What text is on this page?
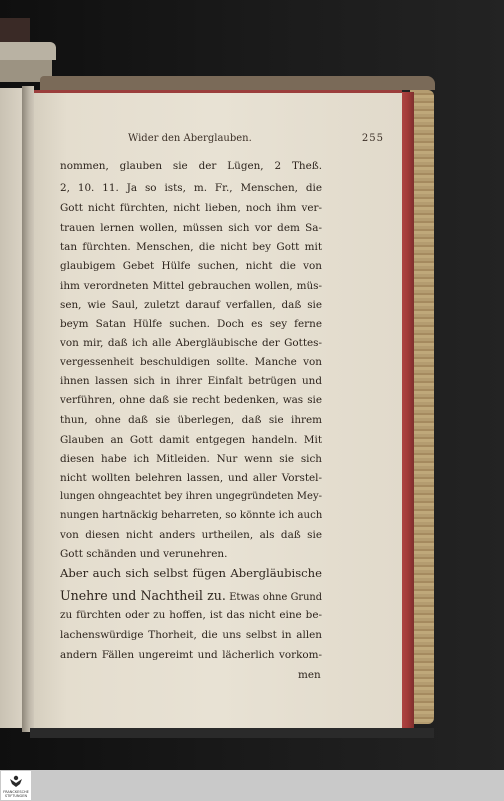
Wider den Aberglauben.	255
nommen, glauben sie der Lügen, 2 Theß.
2, 10. 11. Ja so ists, m. Fr., Menschen, die
Gott nicht fürchten, nicht lieben, noch ihm ver-
trauen lernen wollen, müssen sich vor dem Sa-
tan fürchten. Menschen, die nicht bey Gott mit
glaubigem Gebet Hülfe suchen, nicht die von
ihm verordneten Mittel gebrauchen wollen, müs-
sen, wie Saul, zuletzt darauf verfallen, daß sie
beym Satan Hülfe suchen. Doch es sey ferne
von mir, daß ich alle Abergläubische der Gottes-
vergessenheit beschuldigen sollte. Manche von
ihnen lassen sich in ihrer Einfalt betrügen und
verführen, ohne daß sie recht bedenken, was sie
thun, ohne daß sie überlegen, daß sie ihrem
Glauben an Gott damit entgegen handeln. Mit
diesen habe ich Mitleiden. Nur wenn sie sich
nicht wollten belehren lassen, und aller Vorstel-
lungen ohngeachtet bey ihren ungegründeten Mey-
nungen hartnäckig beharreten, so könnte ich auch
von diesen nicht anders urtheilen, als daß sie
Gott schänden und verunehren.
Aber auch sich selbst fügen Abergläubische
Unehre und Nachtheil zu. Etwas ohne Grund
zu fürchten oder zu hoffen, ist das nicht eine be-
lachenswürdige Thorheit, die uns selbst in allen
andern Fällen ungereimt und lächerlich vorkom-
men
FRANCKESCHE STIFTUNGEN
